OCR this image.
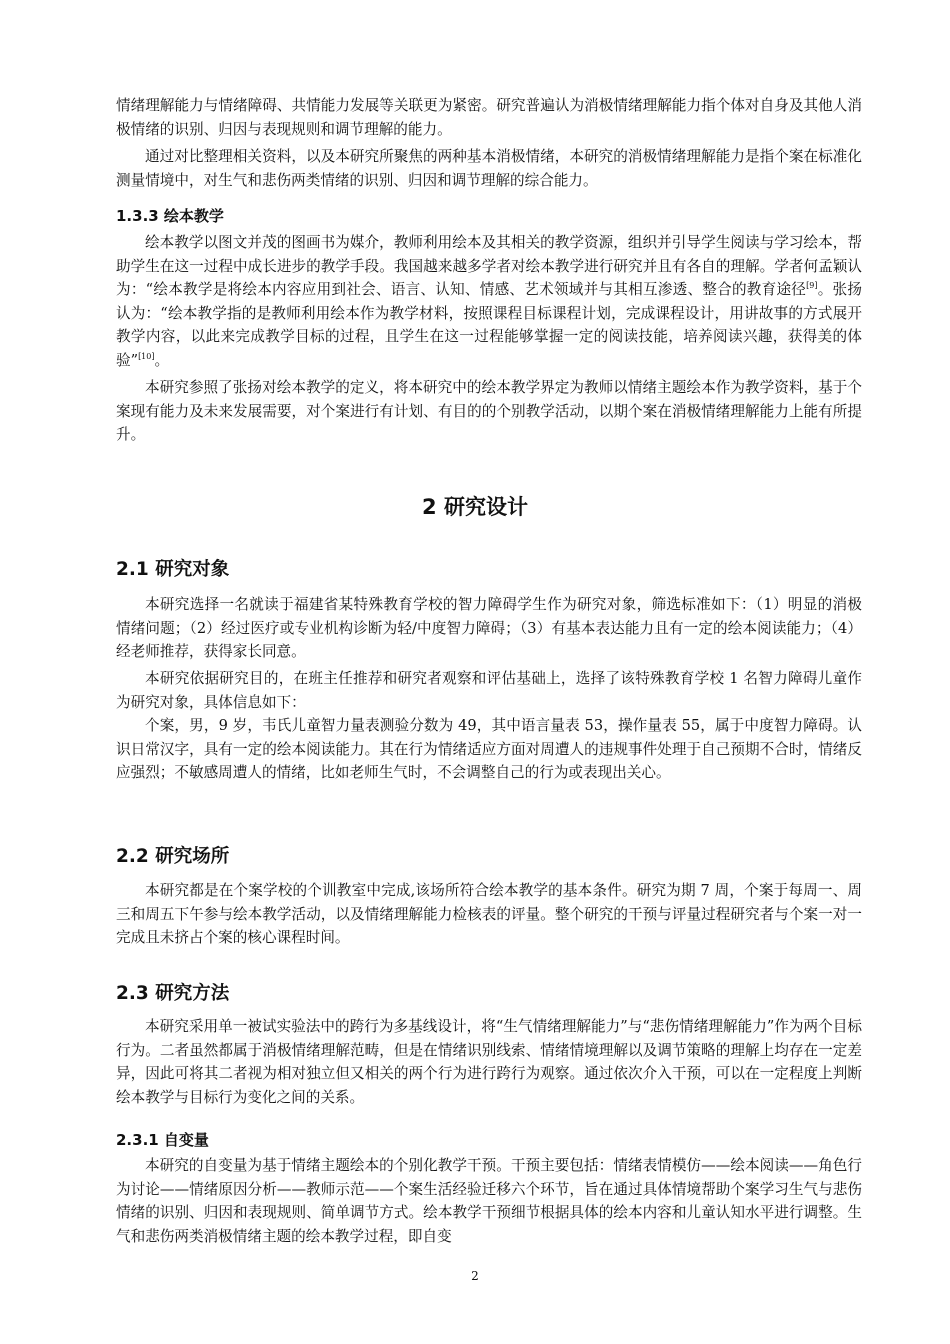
情绪理解能力与情绪障碍、共情能力发展等关联更为紧密。研究普遍认为消极情绪理解能力指个体对自身及其他人消极情绪的识别、归因与表现规则和调节理解的能力。

通过对比整理相关资料，以及本研究所聚焦的两种基本消极情绪，本研究的消极情绪理解能力是指个案在标准化测量情境中，对生气和悲伤两类情绪的识别、归因和调节理解的综合能力。

1.3.3 绘本教学

绘本教学以图文并茂的图画书为媒介，教师利用绘本及其相关的教学资源，组织并引导学生阅读与学习绘本，帮助学生在这一过程中成长进步的教学手段。我国越来越多学者对绘本教学进行研究并且有各自的理解。学者何孟颖认为：“绘本教学是将绘本内容应用到社会、语言、认知、情感、艺术领域并与其相互渗透、整合的教育途径[9]。张扬认为：“绘本教学指的是教师利用绘本作为教学材料，按照课程目标课程计划，完成课程设计，用讲故事的方式展开教学内容，以此来完成教学目标的过程，且学生在这一过程能够掌握一定的阅读技能，培养阅读兴趣，获得美的体验”[10]。

本研究参照了张扬对绘本教学的定义，将本研究中的绘本教学界定为教师以情绪主题绘本作为教学资料，基于个案现有能力及未来发展需要，对个案进行有计划、有目的的个别教学活动，以期个案在消极情绪理解能力上能有所提升。

2 研究设计
2.1 研究对象

本研究选择一名就读于福建省某特殊教育学校的智力障碍学生作为研究对象，筛选标准如下：（1）明显的消极情绪问题；（2）经过医疗或专业机构诊断为轻/中度智力障碍；（3）有基本表达能力且有一定的绘本阅读能力；（4）经老师推荐，获得家长同意。

本研究依据研究目的，在班主任推荐和研究者观察和评估基础上，选择了该特殊教育学校 1 名智力障碍儿童作为研究对象，具体信息如下：

个案，男，9 岁，韦氏儿童智力量表测验分数为 49，其中语言量表 53，操作量表 55，属于中度智力障碍。认识日常汉字，具有一定的绘本阅读能力。其在行为情绪适应方面对周遭人的违规事件处理于自己预期不合时，情绪反应强烈；不敏感周遭人的情绪，比如老师生气时，不会调整自己的行为或表现出关心。

2.2 研究场所

本研究都是在个案学校的个训教室中完成,该场所符合绘本教学的基本条件。研究为期 7 周，个案于每周一、周三和周五下午参与绘本教学活动，以及情绪理解能力检核表的评量。整个研究的干预与评量过程研究者与个案一对一完成且未挤占个案的核心课程时间。

2.3 研究方法

本研究采用单一被试实验法中的跨行为多基线设计，将“生气情绪理解能力”与“悲伤情绪理解能力”作为两个目标行为。二者虽然都属于消极情绪理解范畴，但是在情绪识别线索、情绪情境理解以及调节策略的理解上均存在一定差异，因此可将其二者视为相对独立但又相关的两个行为进行跨行为观察。通过依次介入干预，可以在一定程度上判断绘本教学与目标行为变化之间的关系。

2.3.1 自变量

本研究的自变量为基于情绪主题绘本的个别化教学干预。干预主要包括：情绪表情模仿——绘本阅读——角色行为讨论——情绪原因分析——教师示范——个案生活经验迁移六个环节，旨在通过具体情境帮助个案学习生气与悲伤情绪的识别、归因和表现规则、简单调节方式。绘本教学干预细节根据具体的绘本内容和儿童认知水平进行调整。生气和悲伤两类消极情绪主题的绘本教学过程，即自变

2
